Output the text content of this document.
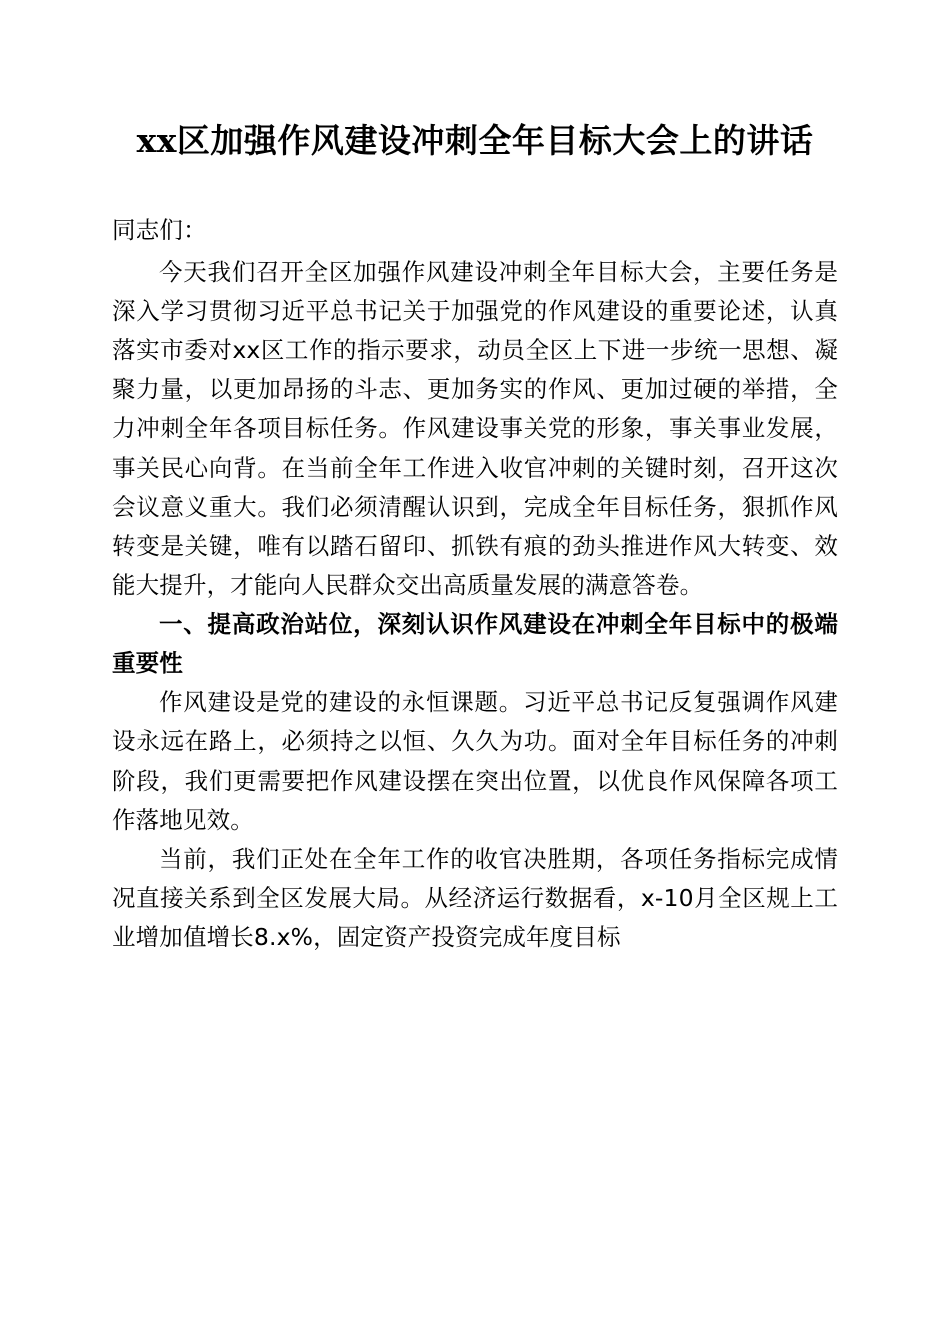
xx区加强作风建设冲刺全年目标大会上的讲话
同志们：

今天我们召开全区加强作风建设冲刺全年目标大会，主要任务是深入学习贯彻习近平总书记关于加强党的作风建设的重要论述，认真落实市委对xx区工作的指示要求，动员全区上下进一步统一思想、凝聚力量，以更加昂扬的斗志、更加务实的作风、更加过硬的举措，全力冲刺全年各项目标任务。作风建设事关党的形象，事关事业发展，事关民心向背。在当前全年工作进入收官冲刺的关键时刻，召开这次会议意义重大。我们必须清醒认识到，完成全年目标任务，狠抓作风转变是关键，唯有以踏石留印、抓铁有痕的劲头推进作风大转变、效能大提升，才能向人民群众交出高质量发展的满意答卷。

一、提高政治站位，深刻认识作风建设在冲刺全年目标中的极端重要性

作风建设是党的建设的永恒课题。习近平总书记反复强调作风建设永远在路上，必须持之以恒、久久为功。面对全年目标任务的冲刺阶段，我们更需要把作风建设摆在突出位置，以优良作风保障各项工作落地见效。

当前，我们正处在全年工作的收官决胜期，各项任务指标完成情况直接关系到全区发展大局。从经济运行数据看，x-10月全区规上工业增加值增长8.x%，固定资产投资完成年度目标
